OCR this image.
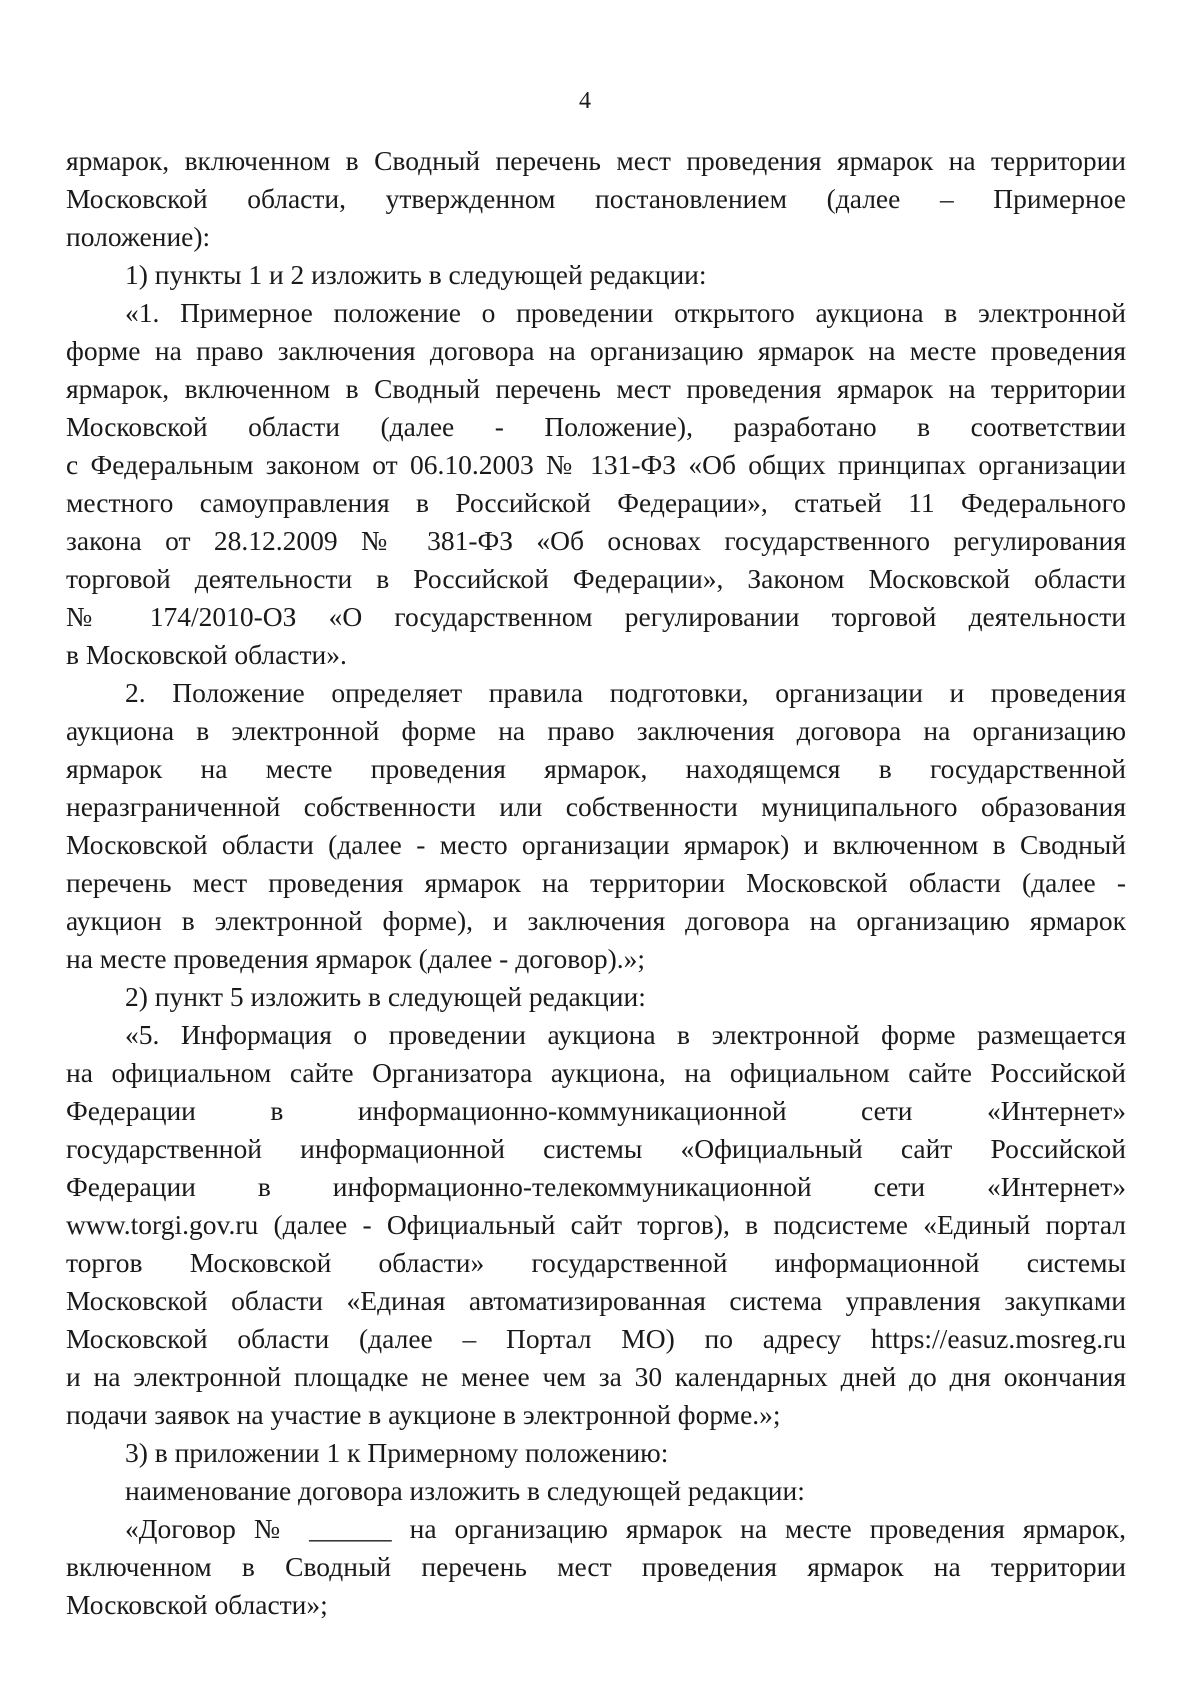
4
ярмарок, включенном в Сводный перечень мест проведения ярмарок на территории
Московской области, утвержденном постановлением (далее – Примерное
положение):
1) пункты 1 и 2 изложить в следующей редакции:
«1. Примерное положение о проведении открытого аукциона в электронной
форме на право заключения договора на организацию ярмарок на месте проведения
ярмарок, включенном в Сводный перечень мест проведения ярмарок на территории
Московской области (далее - Положение), разработано в соответствии
с Федеральным законом от 06.10.2003 № 131-ФЗ «Об общих принципах организации
местного самоуправления в Российской Федерации», статьей 11 Федерального
закона от 28.12.2009 № 381-ФЗ «Об основах государственного регулирования
торговой деятельности в Российской Федерации», Законом Московской области
№ 174/2010-ОЗ «О государственном регулировании торговой деятельности
в Московской области».
2. Положение определяет правила подготовки, организации и проведения
аукциона в электронной форме на право заключения договора на организацию
ярмарок на месте проведения ярмарок, находящемся в государственной
неразграниченной собственности или собственности муниципального образования
Московской области (далее - место организации ярмарок) и включенном в Сводный
перечень мест проведения ярмарок на территории Московской области (далее -
аукцион в электронной форме), и заключения договора на организацию ярмарок
на месте проведения ярмарок (далее - договор).»;
2) пункт 5 изложить в следующей редакции:
«5. Информация о проведении аукциона в электронной форме размещается
на официальном сайте Организатора аукциона, на официальном сайте Российской
Федерации в информационно-коммуникационной сети «Интернет»
государственной информационной системы «Официальный сайт Российской
Федерации в информационно-телекоммуникационной сети «Интернет»
www.torgi.gov.ru (далее - Официальный сайт торгов), в подсистеме «Единый портал
торгов Московской области» государственной информационной системы
Московской области «Единая автоматизированная система управления закупками
Московской области (далее – Портал МО) по адресу https://easuz.mosreg.ru
и на электронной площадке не менее чем за 30 календарных дней до дня окончания
подачи заявок на участие в аукционе в электронной форме.»;
3) в приложении 1 к Примерному положению:
наименование договора изложить в следующей редакции:
«Договор № ______ на организацию ярмарок на месте проведения ярмарок,
включенном в Сводный перечень мест проведения ярмарок на территории
Московской области»;
